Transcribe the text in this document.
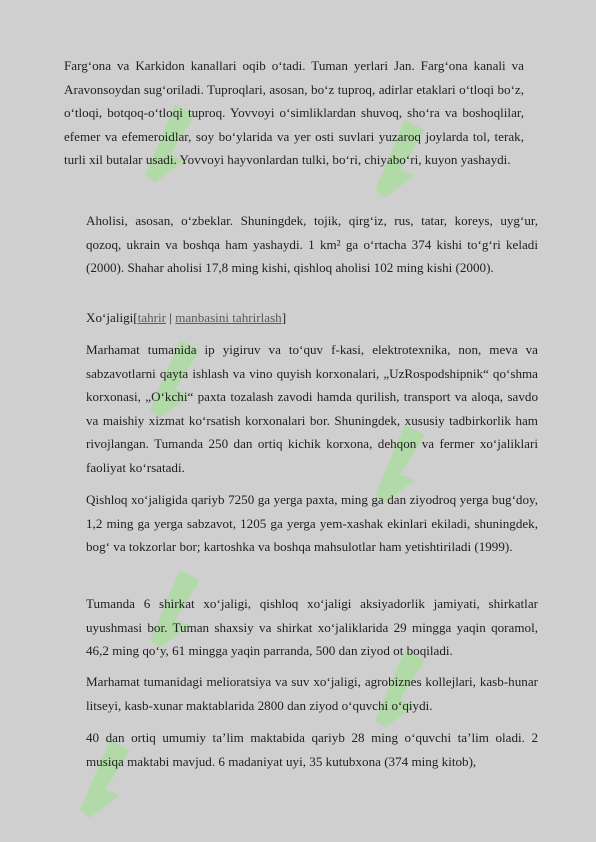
Farg‘ona va Karkidon kanallari oqib o‘tadi. Tuman yerlari Jan. Farg‘ona kanali va Aravonsoydan sug‘oriladi. Tuproqlari, asosan, bo‘z tuproq, adirlar etaklari o‘tloqi bo‘z, o‘tloqi, botqoq-o‘tloqi tuproq. Yovvoyi o‘simliklardan shuvoq, sho‘ra va boshoqlilar, efemer va efemeroidlar, soy bo‘ylarida va yer osti suvlari yuzaroq joylarda tol, terak, turli xil butalar usadi. Yovvoyi hayvonlardan tulki, bo‘ri, chiyabo‘ri, kuyon yashaydi.

Aholisi, asosan, o‘zbeklar. Shuningdek, tojik, qirg‘iz, rus, tatar, koreys, uyg‘ur, qozoq, ukrain va boshqa ham yashaydi. 1 km² ga o‘rtacha 374 kishi to‘g‘ri keladi (2000). Shahar aholisi 17,8 ming kishi, qishloq aholisi 102 ming kishi (2000).

Xo‘jaligi[tahrir | manbasini tahrirlash]

Marhamat tumanida ip yigiruv va to‘quv f-kasi, elektrotexnika, non, meva va sabzavotlarni qayta ishlash va vino quyish korxonalari, „UzRospodshipnik“ qo‘shma korxonasi, „O‘kchi“ paxta tozalash zavodi hamda qurilish, transport va aloqa, savdo va maishiy xizmat ko‘rsatish korxonalari bor. Shuningdek, xususiy tadbirkorlik ham rivojlangan. Tumanda 250 dan ortiq kichik korxona, dehqon va fermer xo‘jaliklari faoliyat ko‘rsatadi.

Qishloq xo‘jaligida qariyb 7250 ga yerga paxta, ming ga dan ziyodroq yerga bug‘doy, 1,2 ming ga yerga sabzavot, 1205 ga yerga yem-xashak ekinlari ekiladi, shuningdek, bog‘ va tokzorlar bor; kartoshka va boshqa mahsulotlar ham yetishtiriladi (1999).

Tumanda 6 shirkat xo‘jaligi, qishloq xo‘jaligi aksiyadorlik jamiyati, shirkatlar uyushmasi bor. Tuman shaxsiy va shirkat xo‘jaliklarida 29 mingga yaqin qoramol, 46,2 ming qo‘y, 61 mingga yaqin parranda, 500 dan ziyod ot boqiladi.

Marhamat tumanidagi melioratsiya va suv xo‘jaligi, agrobiznes kollejlari, kasb-hunar litseyi, kasb-xunar maktablarida 2800 dan ziyod o‘quvchi o‘qiydi.

40 dan ortiq umumiy ta’lim maktabida qariyb 28 ming o‘quvchi ta’lim oladi. 2 musiqa maktabi mavjud. 6 madaniyat uyi, 35 kutubxona (374 ming kitob),
